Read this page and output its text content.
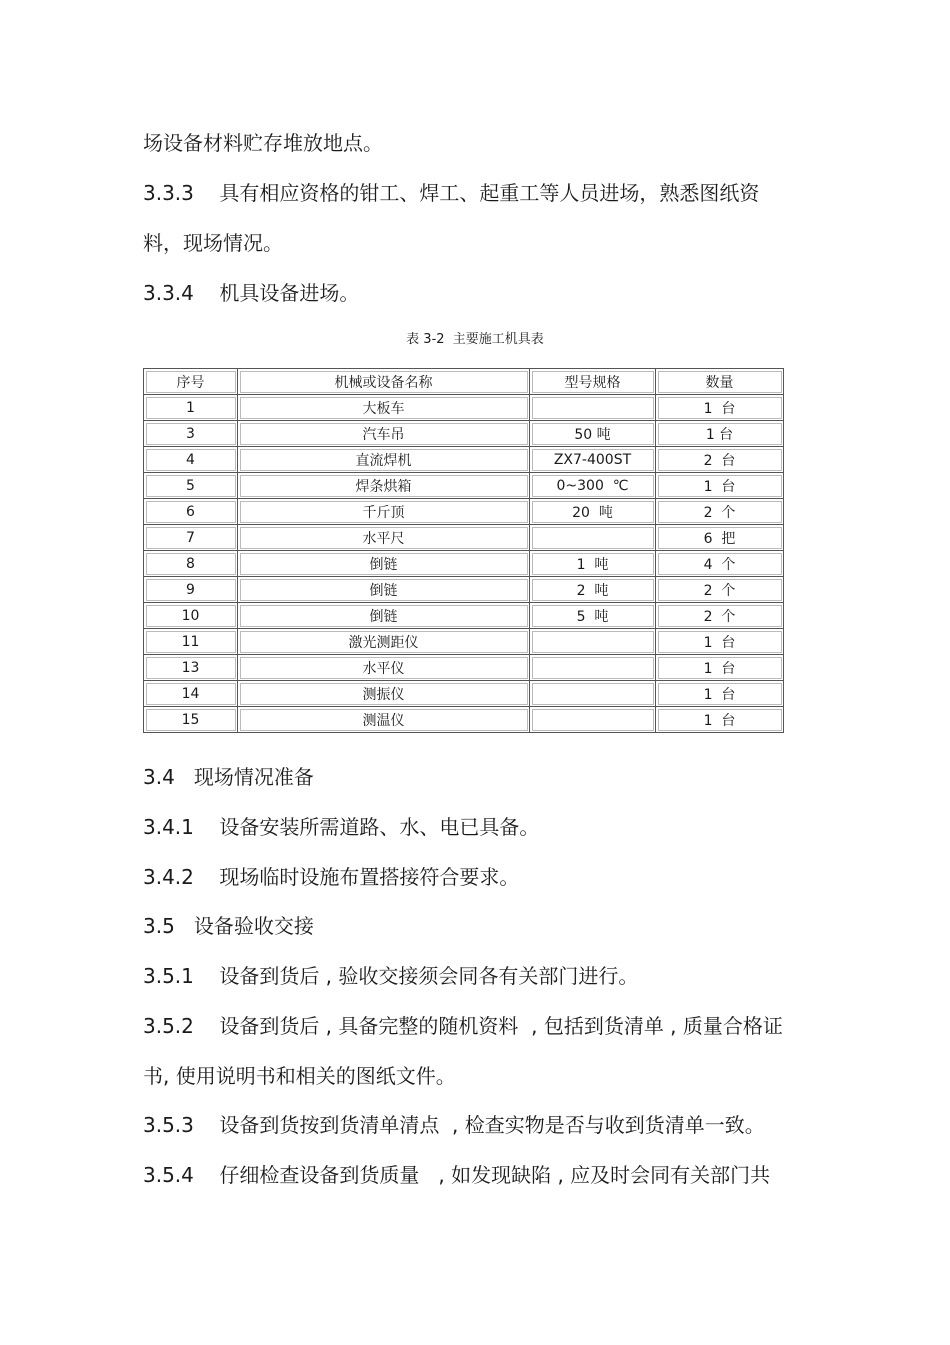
场设备材料贮存堆放地点。
3.3.3    具有相应资格的钳工、焊工、起重工等人员进场，熟悉图纸资
料，现场情况。
3.3.4    机具设备进场。
表 3-2  主要施工机具表
序号	机械或设备名称	型号规格	数量
1	大板车		1  台
3	汽车吊	50 吨	1 台
4	直流焊机	ZX7-400ST	2  台
5	焊条烘箱	0~300  ℃	1  台
6	千斤顶	20  吨	2  个
7	水平尺		6  把
8	倒链	1  吨	4  个
9	倒链	2  吨	2  个
10	倒链	5  吨	2  个
11	激光测距仪		1  台
13	水平仪		1  台
14	测振仪		1  台
15	测温仪		1  台
3.4   现场情况准备
3.4.1    设备安装所需道路、水、电已具备。
3.4.2    现场临时设施布置搭接符合要求。
3.5   设备验收交接
3.5.1    设备到货后 , 验收交接须会同各有关部门进行。
3.5.2    设备到货后 , 具备完整的随机资料  , 包括到货清单 , 质量合格证
书, 使用说明书和相关的图纸文件。
3.5.3    设备到货按到货清单清点  , 检查实物是否与收到货清单一致。
3.5.4    仔细检查设备到货质量   , 如发现缺陷 , 应及时会同有关部门共
